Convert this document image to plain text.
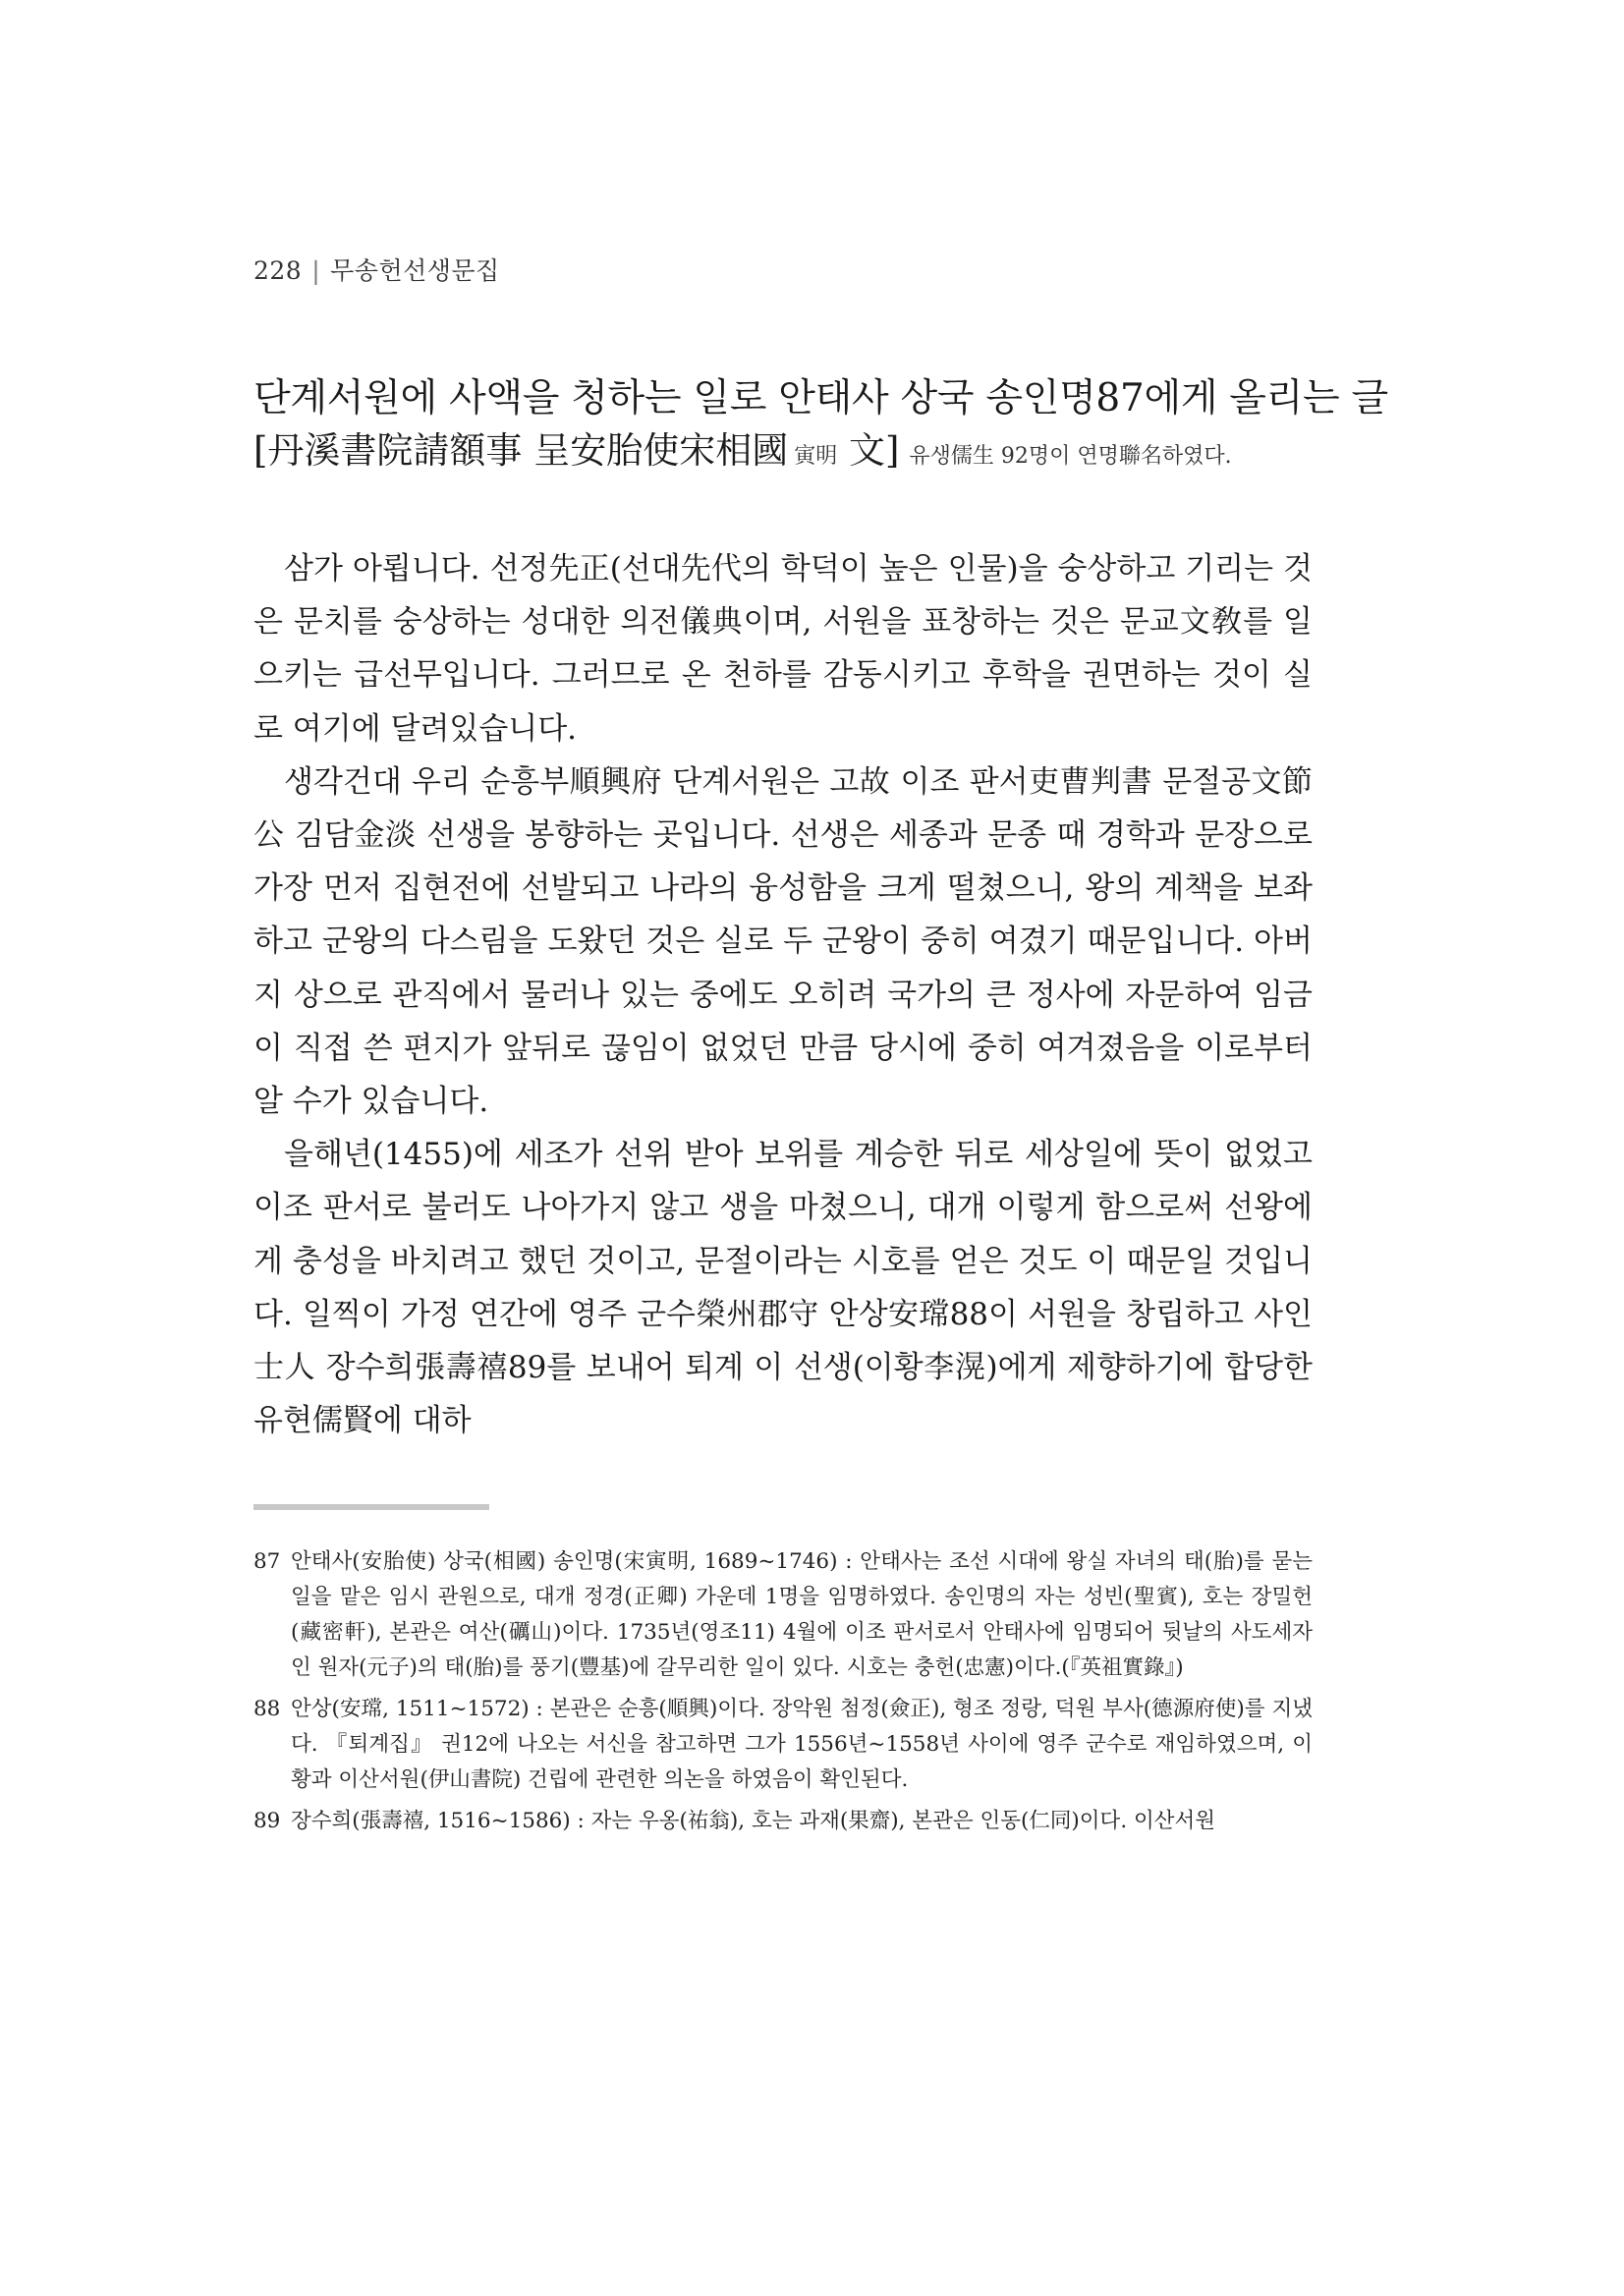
228 | 무송헌선생문집
단계서원에 사액을 청하는 일로 안태사 상국 송인명87에게 올리는 글
[丹溪書院請額事 呈安胎使宋相國 寅明 文] 유생儒生 92명이 연명聯名하였다.

삼가 아룁니다. 선정先正(선대先代의 학덕이 높은 인물)을 숭상하고 기리는 것은 문치를 숭상하는 성대한 의전儀典이며, 서원을 표창하는 것은 문교文敎를 일으키는 급선무입니다. 그러므로 온 천하를 감동시키고 후학을 권면하는 것이 실로 여기에 달려있습니다.

생각건대 우리 순흥부順興府 단계서원은 고故 이조 판서吏曹判書 문절공文節公 김담金淡 선생을 봉향하는 곳입니다. 선생은 세종과 문종 때 경학과 문장으로 가장 먼저 집현전에 선발되고 나라의 융성함을 크게 떨쳤으니, 왕의 계책을 보좌하고 군왕의 다스림을 도왔던 것은 실로 두 군왕이 중히 여겼기 때문입니다. 아버지 상으로 관직에서 물러나 있는 중에도 오히려 국가의 큰 정사에 자문하여 임금이 직접 쓴 편지가 앞뒤로 끊임이 없었던 만큼 당시에 중히 여겨졌음을 이로부터 알 수가 있습니다.

을해년(1455)에 세조가 선위 받아 보위를 계승한 뒤로 세상일에 뜻이 없었고 이조 판서로 불러도 나아가지 않고 생을 마쳤으니, 대개 이렇게 함으로써 선왕에게 충성을 바치려고 했던 것이고, 문절이라는 시호를 얻은 것도 이 때문일 것입니다. 일찍이 가정 연간에 영주 군수榮州郡守 안상安瑺88이 서원을 창립하고 사인士人 장수희張壽禧89를 보내어 퇴계 이 선생(이황李滉)에게 제향하기에 합당한 유현儒賢에 대하

87 안태사(安胎使) 상국(相國) 송인명(宋寅明, 1689~1746) : 안태사는 조선 시대에 왕실 자녀의 태(胎)를 묻는 일을 맡은 임시 관원으로, 대개 정경(正卿) 가운데 1명을 임명하였다. 송인명의 자는 성빈(聖賓), 호는 장밀헌(藏密軒), 본관은 여산(礪山)이다. 1735년(영조11) 4월에 이조 판서로서 안태사에 임명되어 뒷날의 사도세자인 원자(元子)의 태(胎)를 풍기(豐基)에 갈무리한 일이 있다. 시호는 충헌(忠憲)이다.(『英祖實錄』)
88 안상(安瑺, 1511~1572) : 본관은 순흥(順興)이다. 장악원 첨정(僉正), 형조 정랑, 덕원 부사(德源府使)를 지냈다. 『퇴계집』 권12에 나오는 서신을 참고하면 그가 1556년~1558년 사이에 영주 군수로 재임하였으며, 이황과 이산서원(伊山書院) 건립에 관련한 의논을 하였음이 확인된다.
89 장수희(張壽禧, 1516~1586) : 자는 우옹(祐翁), 호는 과재(果齋), 본관은 인동(仁同)이다. 이산서원
